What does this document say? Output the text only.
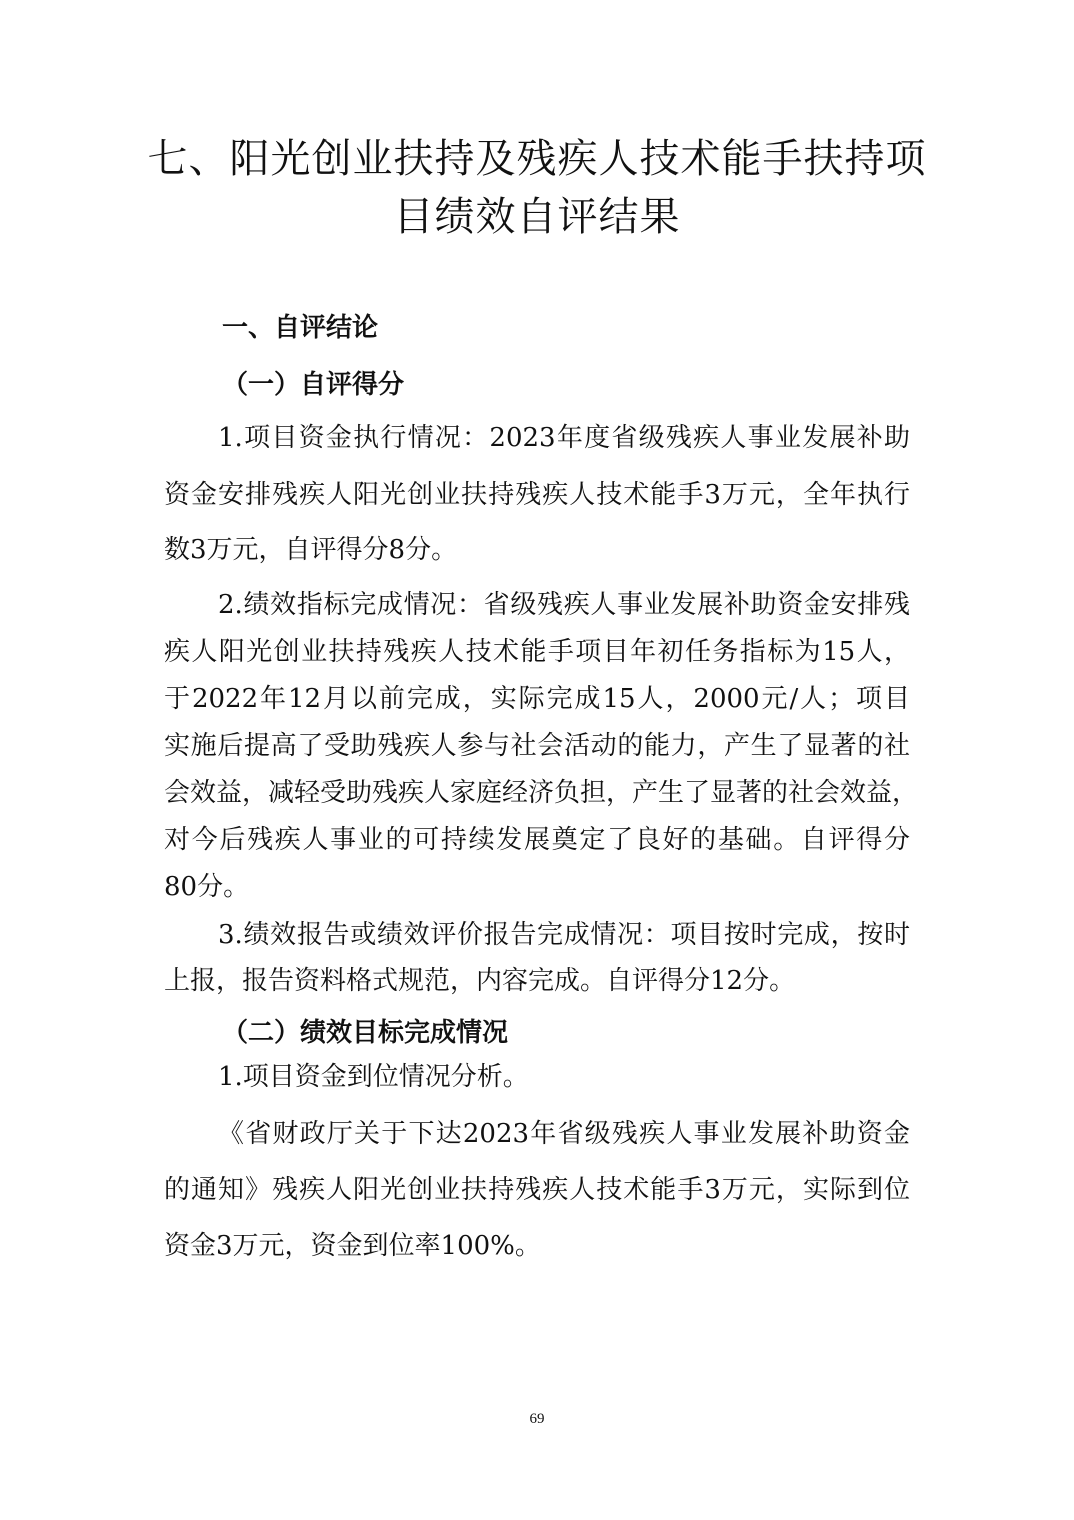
七、阳光创业扶持及残疾人技术能手扶持项
目绩效自评结果
一、自评结论
（一）自评得分

1.项目资金执行情况：2023年度省级残疾人事业发展补助

资金安排残疾人阳光创业扶持残疾人技术能手3万元，全年执行

数3万元，自评得分8分。

2.绩效指标完成情况：省级残疾人事业发展补助资金安排残

疾人阳光创业扶持残疾人技术能手项目年初任务指标为15人，

于2022年12月以前完成，实际完成15人，2000元/人；项目

实施后提高了受助残疾人参与社会活动的能力，产生了显著的社

会效益，减轻受助残疾人家庭经济负担，产生了显著的社会效益，

对今后残疾人事业的可持续发展奠定了良好的基础。自评得分

80分。

3.绩效报告或绩效评价报告完成情况：项目按时完成，按时

上报，报告资料格式规范，内容完成。自评得分12分。

（二）绩效目标完成情况

1.项目资金到位情况分析。

《省财政厅关于下达2023年省级残疾人事业发展补助资金

的通知》残疾人阳光创业扶持残疾人技术能手3万元，实际到位

资金3万元，资金到位率100%。

69
